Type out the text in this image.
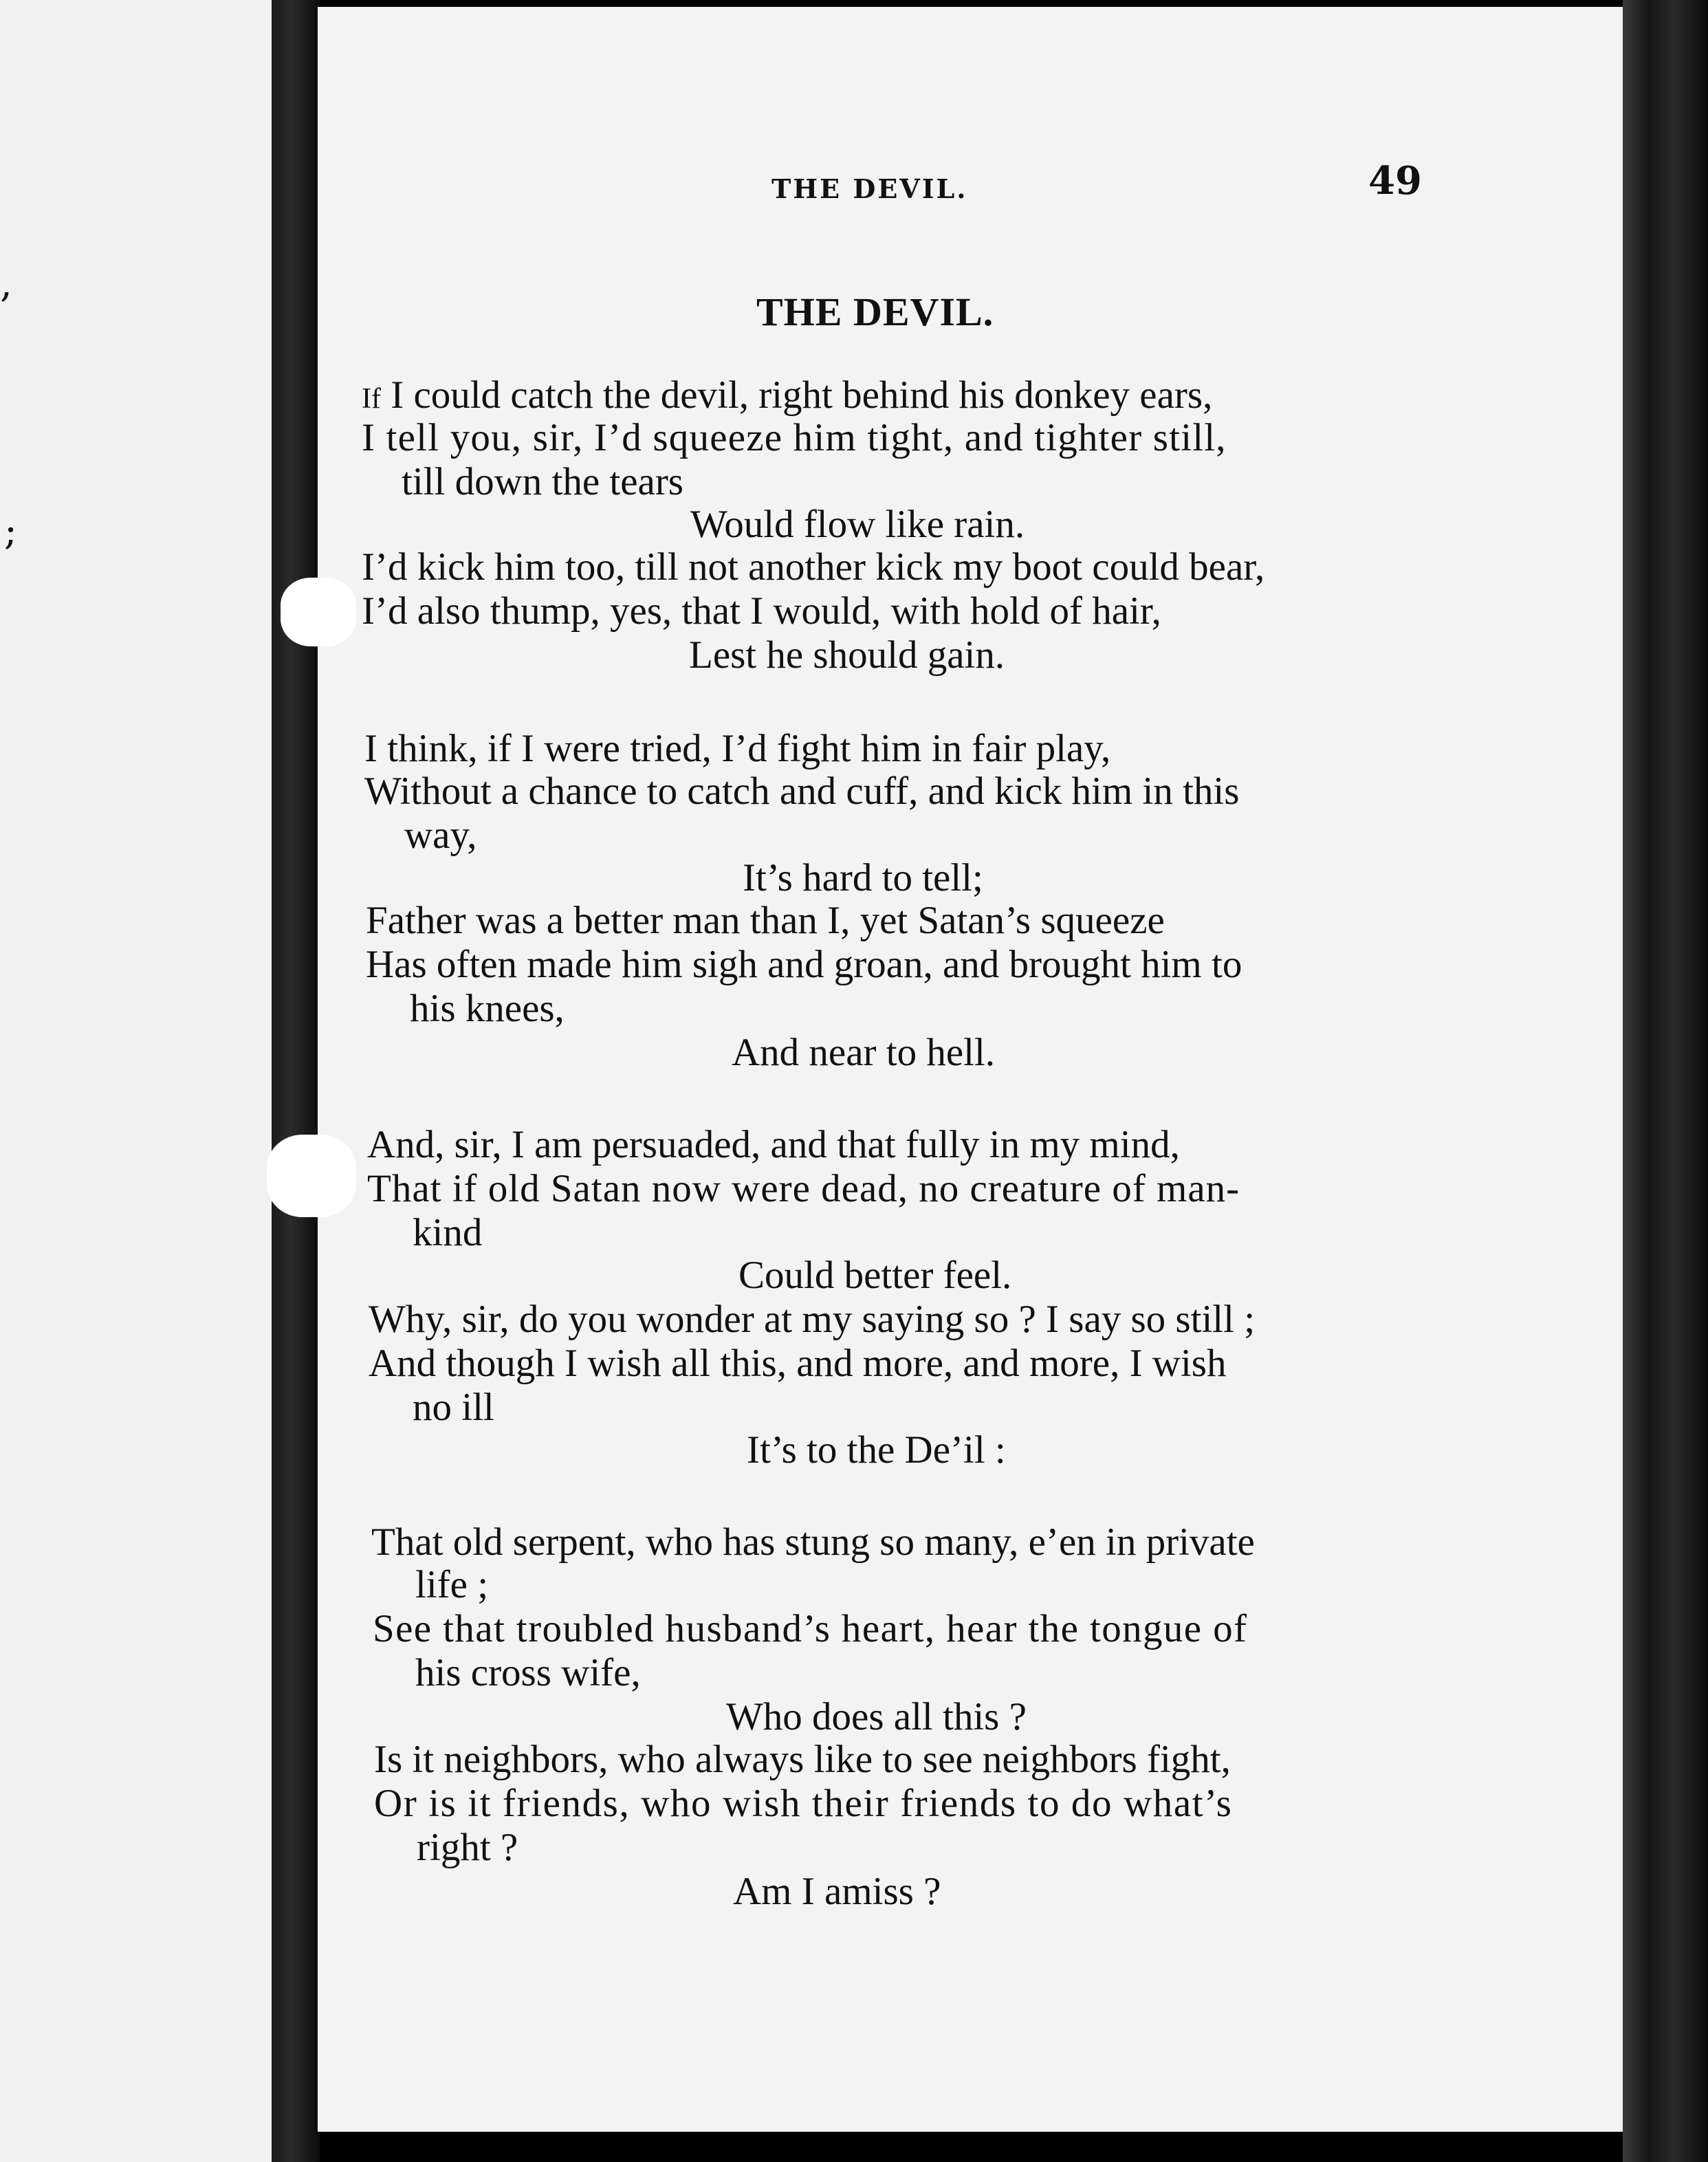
,
;
THE DEVIL.	49
THE DEVIL.
If I could catch the devil, right behind his donkey ears,
I tell you, sir, I’d squeeze him tight, and tighter still,
till down the tears
Would flow like rain.
I’d kick him too, till not another kick my boot could bear,
I’d also thump, yes, that I would, with hold of hair,
Lest he should gain.
I think, if I were tried, I’d fight him in fair play,
Without a chance to catch and cuff, and kick him in this
way,
It’s hard to tell;
Father was a better man than I, yet Satan’s squeeze
Has often made him sigh and groan, and brought him to
his knees,
And near to hell.
And, sir, I am persuaded, and that fully in my mind,
That if old Satan now were dead, no creature of man-
kind
Could better feel.
Why, sir, do you wonder at my saying so ? I say so still ;
And though I wish all this, and more, and more, I wish
no ill
It’s to the De’il :
That old serpent, who has stung so many, e’en in private
life ;
See that troubled husband’s heart, hear the tongue of
his cross wife,
Who does all this ?
Is it neighbors, who always like to see neighbors fight,
Or is it friends, who wish their friends to do what’s
right ?
Am I amiss ?
